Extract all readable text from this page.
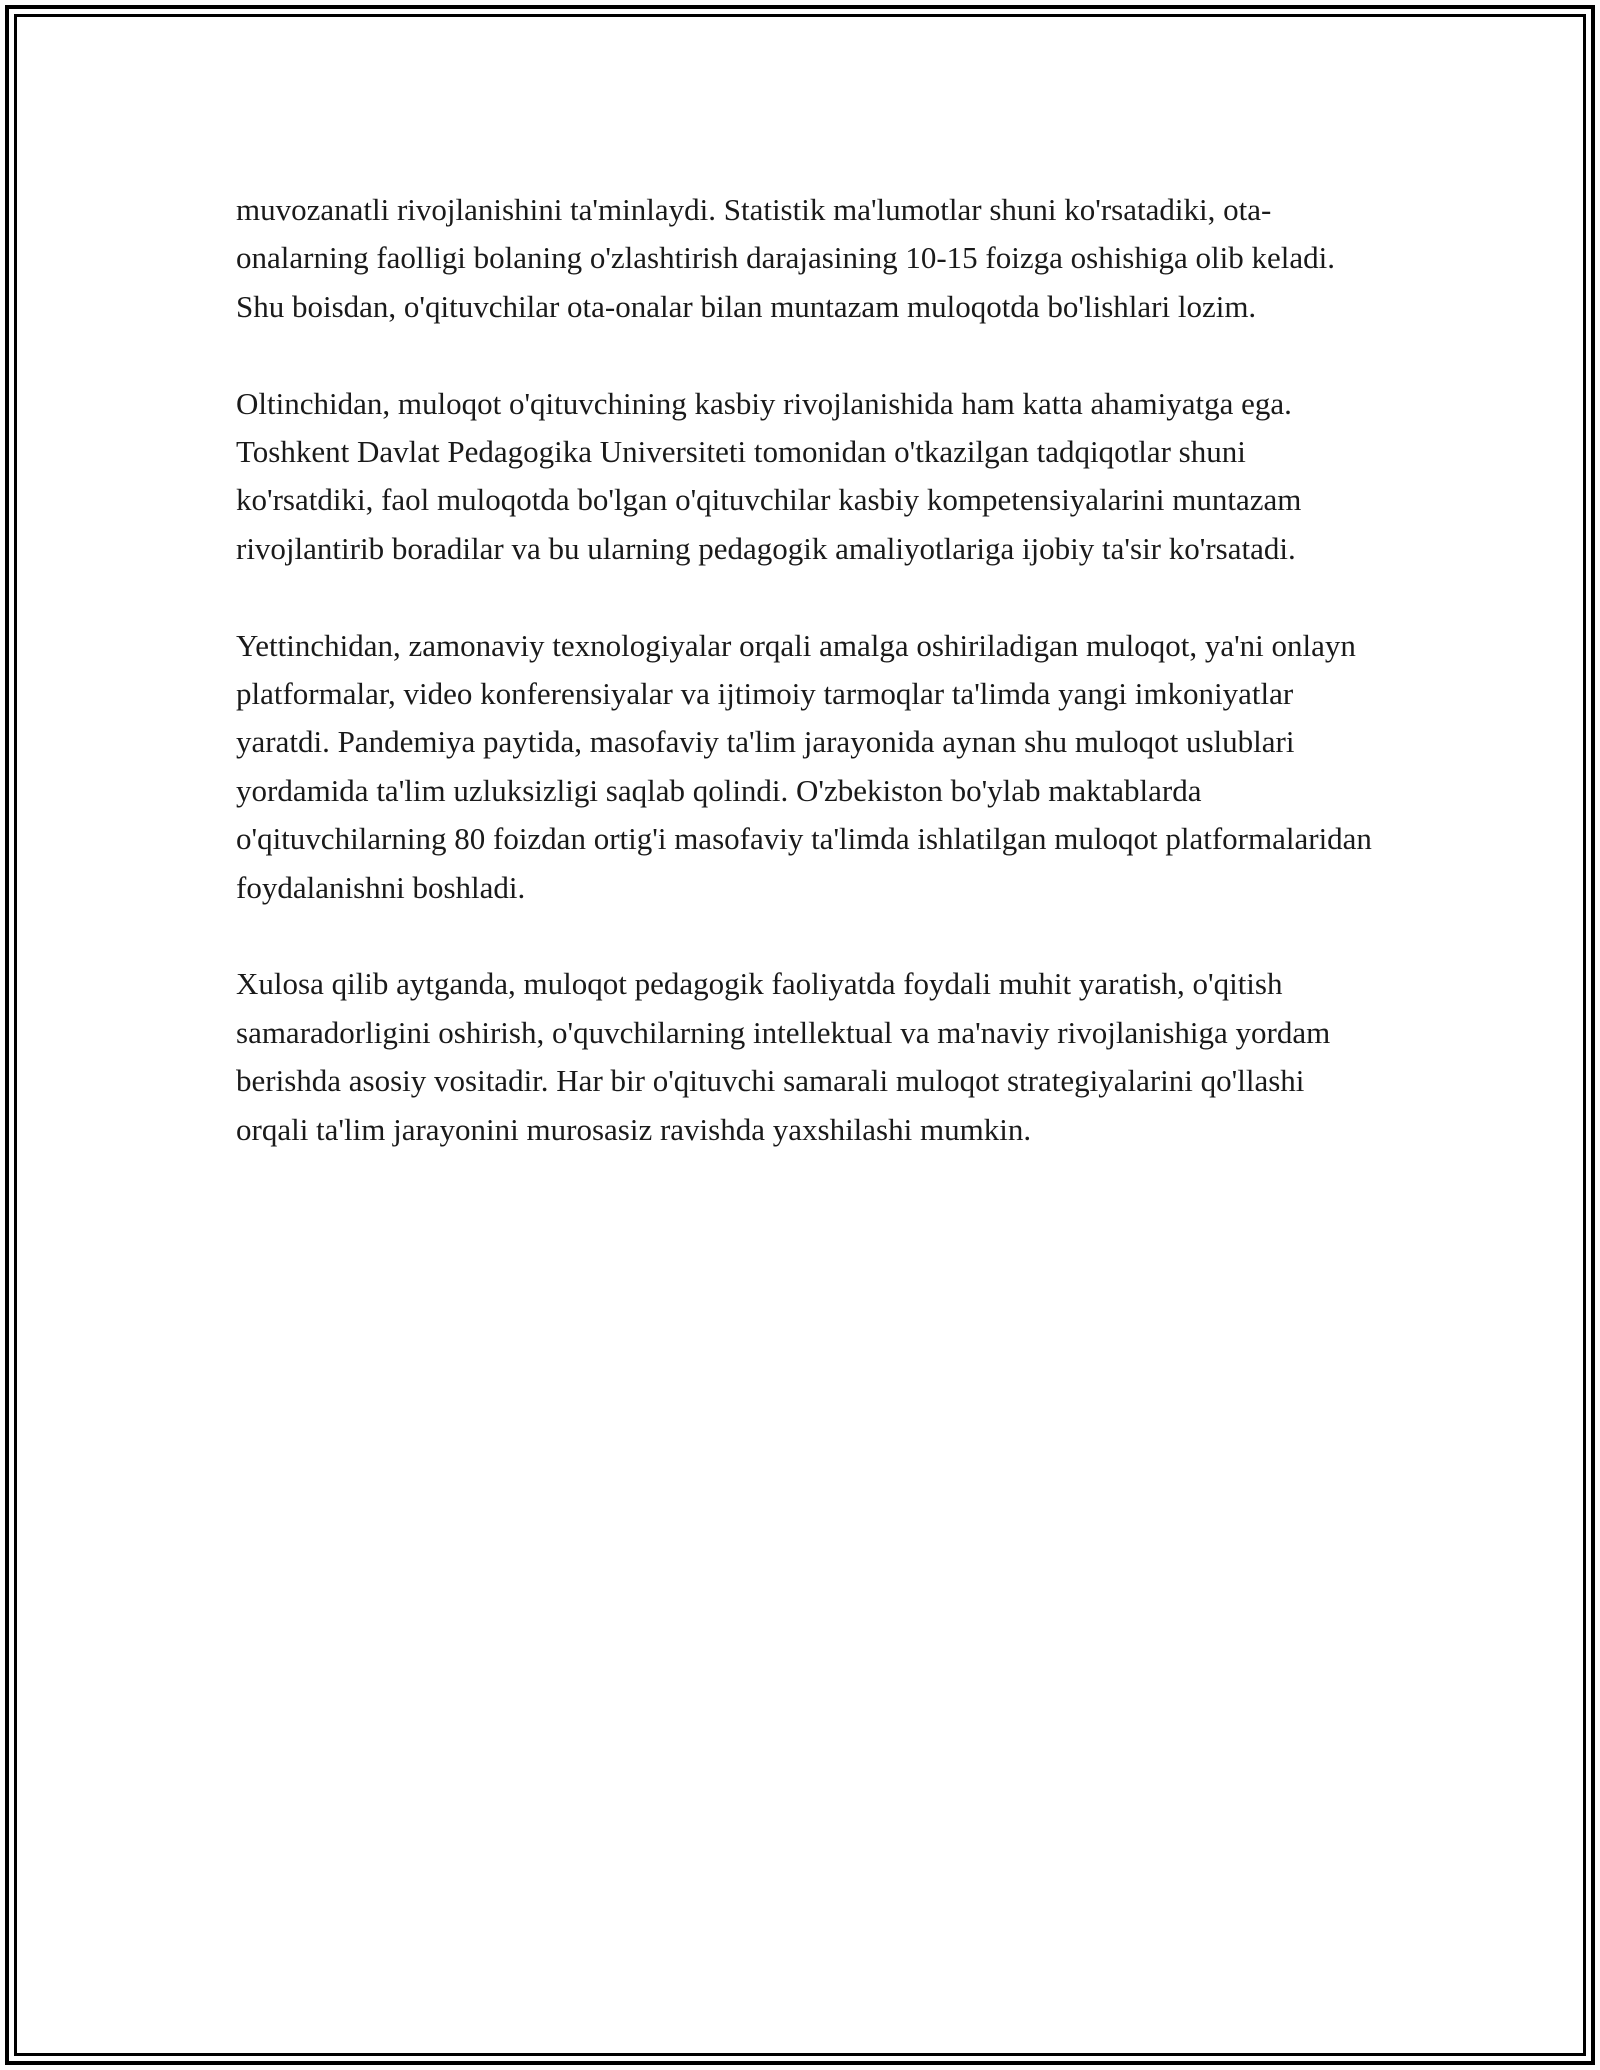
muvozanatli rivojlanishini ta'minlaydi. Statistik ma'lumotlar shuni ko'rsatadiki, ota-onalarning faolligi bolaning o'zlashtirish darajasining 10-15 foizga oshishiga olib keladi. Shu boisdan, o'qituvchilar ota-onalar bilan muntazam muloqotda bo'lishlari lozim.

Oltinchidan, muloqot o'qituvchining kasbiy rivojlanishida ham katta ahamiyatga ega. Toshkent Davlat Pedagogika Universiteti tomonidan o'tkazilgan tadqiqotlar shuni ko'rsatdiki, faol muloqotda bo'lgan o'qituvchilar kasbiy kompetensiyalarini muntazam rivojlantirib boradilar va bu ularning pedagogik amaliyotlariga ijobiy ta'sir ko'rsatadi.

Yettinchidan, zamonaviy texnologiyalar orqali amalga oshiriladigan muloqot, ya'ni onlayn platformalar, video konferensiyalar va ijtimoiy tarmoqlar ta'limda yangi imkoniyatlar yaratdi. Pandemiya paytida, masofaviy ta'lim jarayonida aynan shu muloqot uslublari yordamida ta'lim uzluksizligi saqlab qolindi. O'zbekiston bo'ylab maktablarda o'qituvchilarning 80 foizdan ortig'i masofaviy ta'limda ishlatilgan muloqot platformalaridan foydalanishni boshladi.

Xulosa qilib aytganda, muloqot pedagogik faoliyatda foydali muhit yaratish, o'qitish samaradorligini oshirish, o'quvchilarning intellektual va ma'naviy rivojlanishiga yordam berishda asosiy vositadir. Har bir o'qituvchi samarali muloqot strategiyalarini qo'llashi orqali ta'lim jarayonini murosasiz ravishda yaxshilashi mumkin.
